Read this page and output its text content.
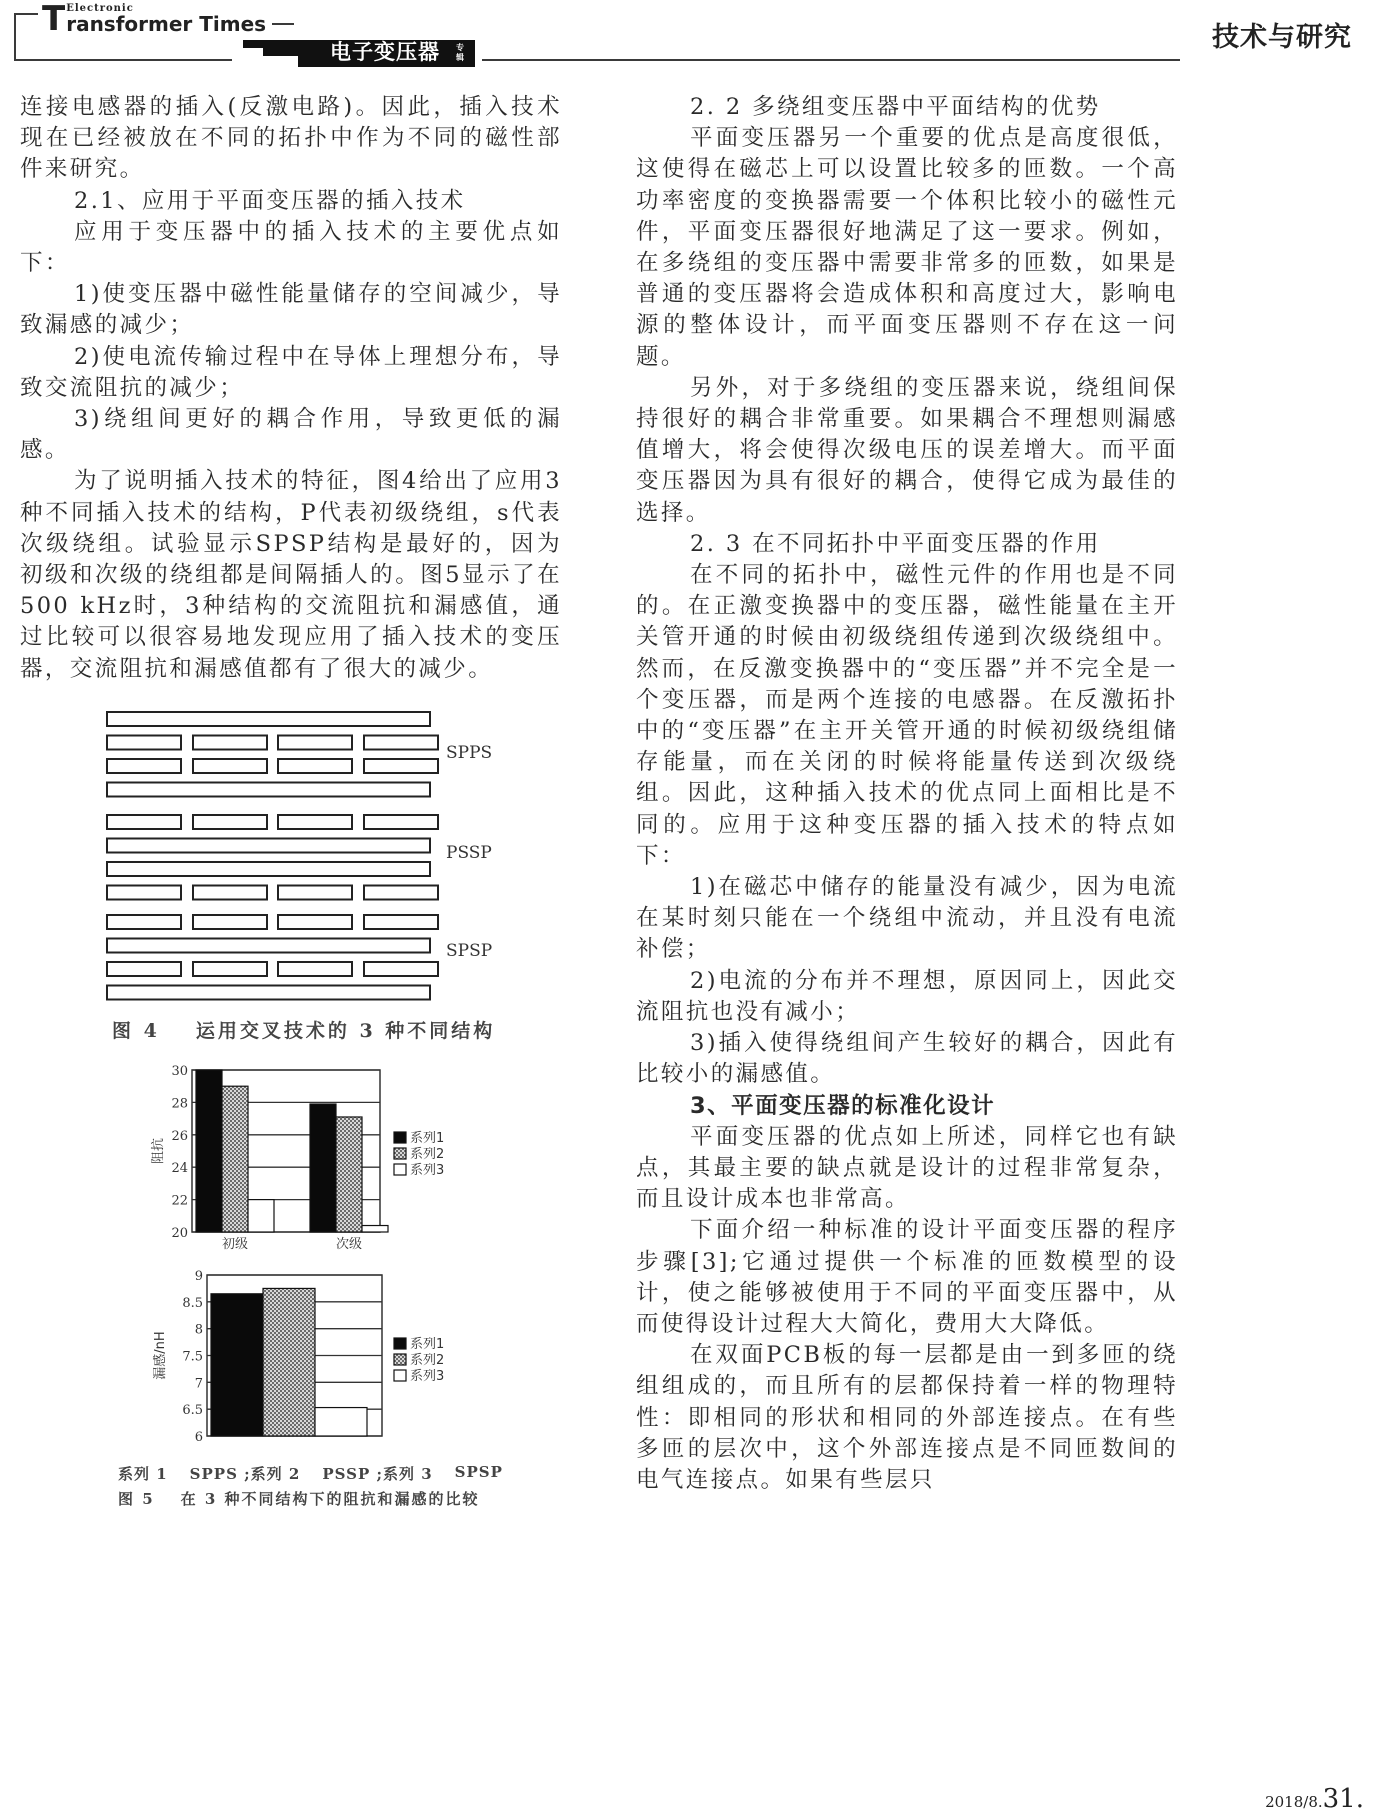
T Electronic
ransformer Times
电子变压器 专辑
技术与研究

连接电感器的插入(反激电路)。因此，插入技术现在已经被放在不同的拓扑中作为不同的磁性部件来研究。

2.1、应用于平面变压器的插入技术

应用于变压器中的插入技术的主要优点如下：

1)使变压器中磁性能量储存的空间减少，导致漏感的减少；

2)使电流传输过程中在导体上理想分布，导致交流阻抗的减少；

3)绕组间更好的耦合作用，导致更低的漏感。

为了说明插入技术的特征，图4给出了应用3种不同插入技术的结构，P代表初级绕组，s代表次级绕组。试验显示SPSP结构是最好的，因为初级和次级的绕组都是间隔插人的。图5显示了在500 kHz时，3种结构的交流阻抗和漏感值，通过比较可以很容易地发现应用了插入技术的变压器，交流阻抗和漏感值都有了很大的减少。

2. 2 多绕组变压器中平面结构的优势

平面变压器另一个重要的优点是高度很低，这使得在磁芯上可以设置比较多的匝数。一个高功率密度的变换器需要一个体积比较小的磁性元件，平面变压器很好地满足了这一要求。例如，在多绕组的变压器中需要非常多的匝数，如果是普通的变压器将会造成体积和高度过大，影响电源的整体设计，而平面变压器则不存在这一问题。

另外，对于多绕组的变压器来说，绕组间保持很好的耦合非常重要。如果耦合不理想则漏感值增大，将会使得次级电压的误差增大。而平面变压器因为具有很好的耦合，使得它成为最佳的选择。

2. 3 在不同拓扑中平面变压器的作用

在不同的拓扑中，磁性元件的作用也是不同的。在正激变换器中的变压器，磁性能量在主开关管开通的时候由初级绕组传递到次级绕组中。然而，在反激变换器中的“变压器”并不完全是一个变压器，而是两个连接的电感器。在反激拓扑中的“变压器”在主开关管开通的时候初级绕组储存能量，而在关闭的时候将能量传送到次级绕组。因此，这种插入技术的优点同上面相比是不同的。应用于这种变压器的插入技术的特点如下：

1)在磁芯中储存的能量没有减少，因为电流在某时刻只能在一个绕组中流动，并且没有电流补偿；

2)电流的分布并不理想，原因同上，因此交流阻抗也没有减小；

3)插入使得绕组间产生较好的耦合，因此有比较小的漏感值。

3、平面变压器的标准化设计

平面变压器的优点如上所述，同样它也有缺点，其最主要的缺点就是设计的过程非常复杂，而且设计成本也非常高。

下面介绍一种标准的设计平面变压器的程序步骤[3];它通过提供一个标准的匝数模型的设计，使之能够被使用于不同的平面变压器中，从而使得设计过程大大简化，费用大大降低。

在双面PCB板的每一层都是由一到多匝的绕组组成的，而且所有的层都保持着一样的物理特性：即相同的形状和相同的外部连接点。在有些多匝的层次中，这个外部连接点是不同匝数间的电气连接点。如果有些层只

SPPS
PSSP
SPSP
图 4 运用交叉技术的 3 种不同结构
20
22
24
26
28
30
初级	次级
阻抗	系列1
系列2
系列3
6
6.5
7
7.5
8
8.5
9
漏感/nH	系列1
系列2
系列3
系列 1 SPPS ;系列 2 PSSP ;系列 3 SPSP
图 5 在 3 种不同结构下的阻抗和漏感的比较
2018/8.31.
